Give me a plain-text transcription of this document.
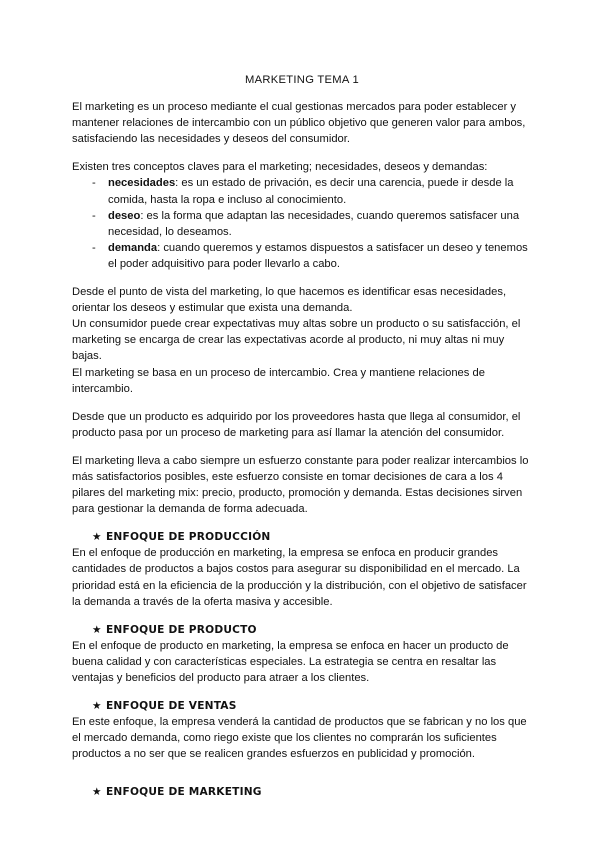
MARKETING TEMA 1

El marketing es un proceso mediante el cual gestionas mercados para poder establecer y mantener relaciones de intercambio con un público objetivo que generen valor para ambos, satisfaciendo las necesidades y deseos del consumidor.

Existen tres conceptos claves para el marketing; necesidades, deseos y demandas:

- necesidades: es un estado de privación, es decir una carencia, puede ir desde la comida, hasta la ropa e incluso al conocimiento.
- deseo: es la forma que adaptan las necesidades, cuando queremos satisfacer una necesidad, lo deseamos.
- demanda: cuando queremos y estamos dispuestos a satisfacer un deseo y tenemos el poder adquisitivo para poder llevarlo a cabo.

Desde el punto de vista del marketing, lo que hacemos es identificar esas necesidades, orientar los deseos y estimular que exista una demanda.

Un consumidor puede crear expectativas muy altas sobre un producto o su satisfacción, el marketing se encarga de crear las expectativas acorde al producto, ni muy altas ni muy bajas.

El marketing se basa en un proceso de intercambio. Crea y mantiene relaciones de intercambio.

Desde que un producto es adquirido por los proveedores hasta que llega al consumidor, el producto pasa por un proceso de marketing para así llamar la atención del consumidor.

El marketing lleva a cabo siempre un esfuerzo constante para poder realizar intercambios lo más satisfactorios posibles, este esfuerzo consiste en tomar decisiones de cara a los 4 pilares del marketing mix: precio, producto, promoción y demanda. Estas decisiones sirven para gestionar la demanda de forma adecuada.

★ ENFOQUE DE PRODUCCIÓN

En el enfoque de producción en marketing, la empresa se enfoca en producir grandes cantidades de productos a bajos costos para asegurar su disponibilidad en el mercado. La prioridad está en la eficiencia de la producción y la distribución, con el objetivo de satisfacer la demanda a través de la oferta masiva y accesible.

★ ENFOQUE DE PRODUCTO

En el enfoque de producto en marketing, la empresa se enfoca en hacer un producto de buena calidad y con características especiales. La estrategia se centra en resaltar las ventajas y beneficios del producto para atraer a los clientes.

★ ENFOQUE DE VENTAS

En este enfoque, la empresa venderá la cantidad de productos que se fabrican y no los que el mercado demanda, como riego existe que los clientes no comprarán los suficientes productos a no ser que se realicen grandes esfuerzos en publicidad y promoción.

★ ENFOQUE DE MARKETING
